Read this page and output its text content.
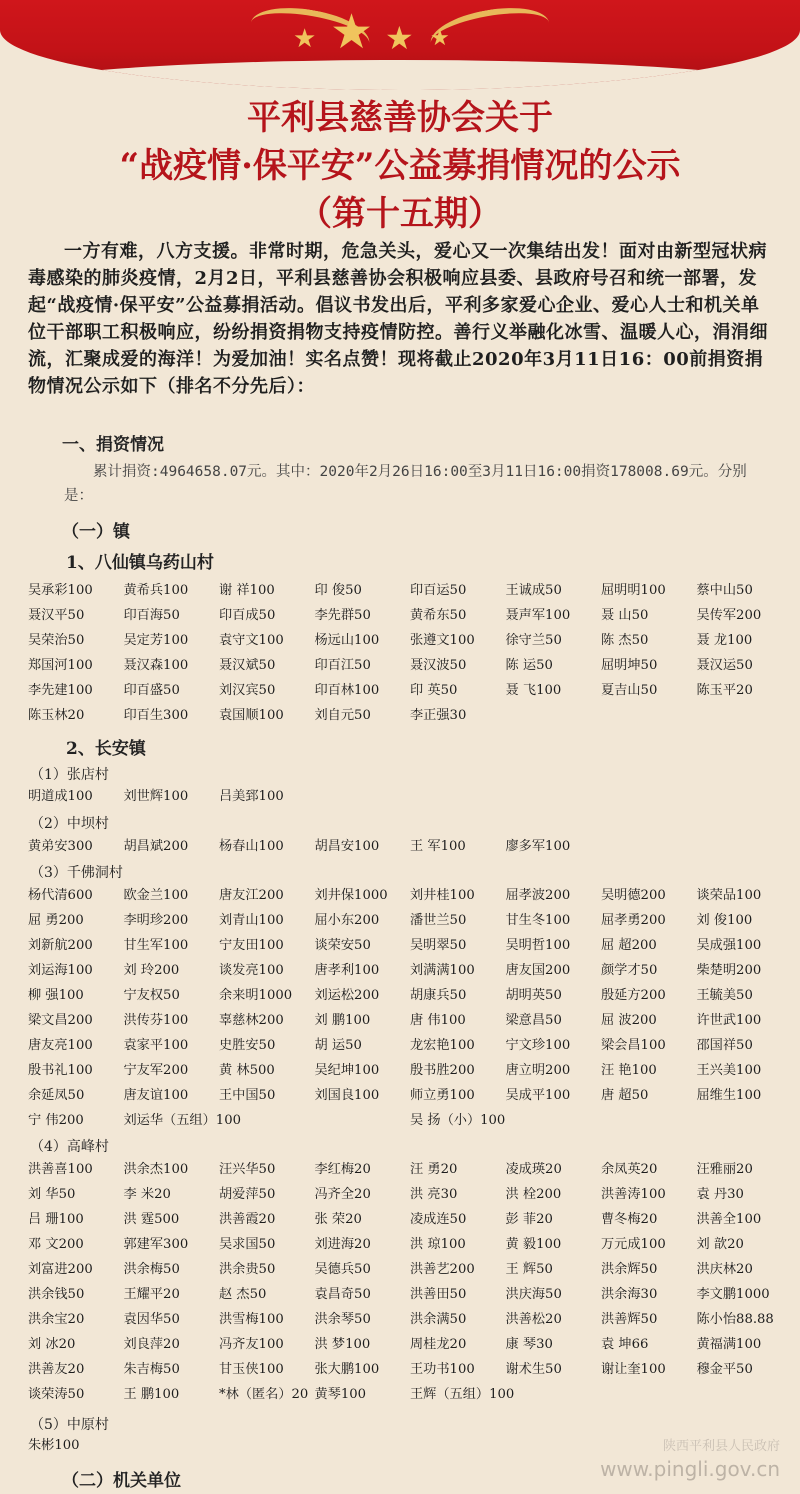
★ ★
★	★
平利县慈善协会关于
“战疫情·保平安”公益募捐情况的公示
（第十五期）
一方有难，八方支援。非常时期，危急关头，爱心又一次集结出发！面对由新型冠状病毒感染的肺炎疫情，2月2日，平利县慈善协会积极响应县委、县政府号召和统一部署，发起“战疫情·保平安”公益募捐活动。倡议书发出后，平利多家爱心企业、爱心人士和机关单位干部职工积极响应，纷纷捐资捐物支持疫情防控。善行义举融化冰雪、温暖人心，涓涓细流，汇聚成爱的海洋！为爱加油！实名点赞！现将截止2020年3月11日16：00前捐资捐物情况公示如下（排名不分先后）：
一、捐资情况
累计捐资:4964658.07元。其中：2020年2月26日16:00至3月11日16:00捐资178008.69元。分别是：
（一）镇
1、八仙镇乌药山村
吴承彩100 黄希兵100 谢 祥100	印 俊50	印百运50	王诚成50	屈明明100 蔡中山50
聂汉平50	印百海50	印百成50	李先群50	黄希东50	聂声军100 聂 山50	吴传军200
吴荣治50	吴定芳100 袁守文100 杨远山100 张遵文100 徐守兰50	陈 杰50	聂 龙100
郑国河100 聂汉森100 聂汉斌50	印百江50	聂汉波50	陈 运50	屈明坤50	聂汉运50
李先建100 印百盛50	刘汉宾50	印百林100 印 英50	聂 飞100	夏吉山50	陈玉平20
陈玉林20	印百生300 袁国顺100 刘自元50	李正强30
2、长安镇
（1）张店村
明道成100 刘世辉100 吕美郅100
（2）中坝村
黄弟安300 胡昌斌200 杨春山100 胡昌安100 王 军100	廖多军100
（3）千佛洞村
杨代清600 欧金兰100 唐友江200 刘井保1000 刘井桂100 屈孝波200 吴明德200 谈荣品100
屈 勇200	李明珍200 刘青山100 屈小东200 潘世兰50	甘生冬100 屈孝勇200 刘 俊100
刘新航200 甘生军100 宁友田100 谈荣安50	吴明翠50	吴明哲100 屈 超200	吴成强100
刘运海100 刘 玲200	谈发亮100 唐孝利100 刘满满100 唐友国200 颜学才50	柴楚明200
柳 强100	宁友权50	余来明1000 刘运松200 胡康兵50	胡明英50	殷延方200 王毓美50
梁文昌200 洪传芬100 辜慈林200 刘 鹏100	唐 伟100	梁意昌50	屈 波200	许世武100
唐友亮100 袁家平100 史胜安50	胡 运50	龙宏艳100 宁文珍100 梁会昌100 邵国祥50
殷书礼100 宁友军200 黄 林500	吴纪坤100 殷书胜200 唐立明200 汪 艳100	王兴美100
余延凤50	唐友谊100 王中国50	刘国良100 师立勇100 吴成平100 唐 超50	屈维生100
宁 伟200	刘运华（五组）100	吴 扬（小）100
（4）高峰村
洪善喜100 洪余杰100 汪兴华50	李红梅20	汪 勇20	凌成瑛20	余凤英20	汪雅丽20
刘 华50	李 米20	胡爱萍50	冯齐全20	洪 亮30	洪 栓200	洪善涛100 袁 丹30
吕 珊100	洪 霆500	洪善霞20	张 荣20	凌成连50	彭 菲20	曹冬梅20	洪善全100
邓 文200	郭建军300 吴求国50	刘进海20	洪 琼100	黄 毅100	万元成100 刘 歆20
刘富进200 洪余梅50	洪余贵50	吴德兵50	洪善艺200 王 辉50	洪余辉50	洪庆林20
洪余钱50	王耀平20	赵 杰50	袁昌奇50	洪善田50	洪庆海50	洪余海30	李文鹏1000
洪余宝20	袁因华50	洪雪梅100 洪余琴50	洪余满50	洪善松20	洪善辉50	陈小怡88.88
刘 冰20	刘良萍20	冯齐友100 洪 梦100	周桂龙20	康 琴30	袁 坤66	黄福满100
洪善友20	朱吉梅50	甘玉侠100 张大鹏100 王功书100 谢术生50	谢让奎100 穆金平50
谈荣涛50	王 鹏100	*林（匿名）20 黄琴100	王辉（五组）100
（5）中原村
朱彬100	陕西平利县人民政府
www.pingli.gov.cn
（二）机关单位
